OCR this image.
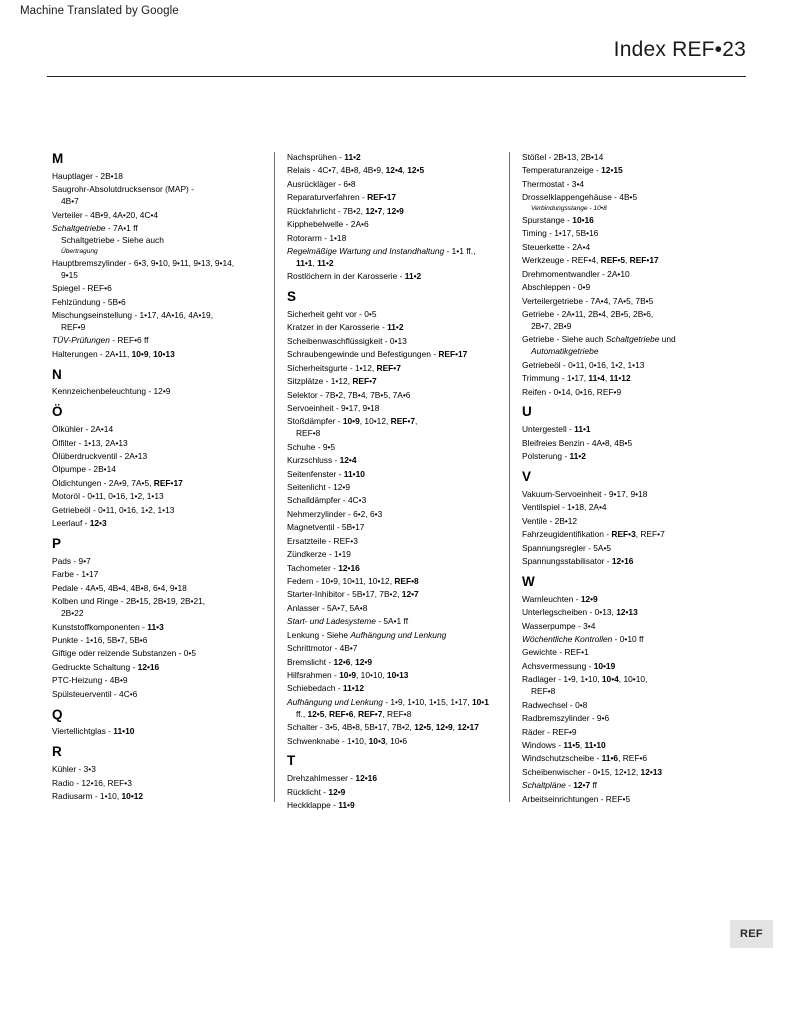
Machine Translated by Google
Index REF•23
M
Hauptlager - 2B•18
Saugrohr-Absolutdrucksensor (MAP) -
4B•7
Verteiler - 4B•9, 4A•20, 4C•4
Schaltgetriebe - 7A•1 ff
Schaltgetriebe - Siehe auch
Übertragung
Hauptbremszylinder - 6•3, 9•10, 9•11, 9•13, 9•14,
9•15
Spiegel - REF•6
Fehlzündung - 5B•6
Mischungseinstellung - 1•17, 4A•16, 4A•19,
REF•9
TÜV-Prüfungen - REF•6 ff
Halterungen - 2A•11, 10•9, 10•13
N
Kennzeichenbeleuchtung - 12•9
Ö
Ölkühler - 2A•14
Ölfilter - 1•13, 2A•13
Ölüberdruckventil - 2A•13
Ölpumpe - 2B•14
Öldichtungen - 2A•9, 7A•5, REF•17
Motoröl - 0•11, 0•16, 1•2, 1•13
Getriebeöl - 0•11, 0•16, 1•2, 1•13
Leerlauf - 12•3
P
Pads - 9•7
Farbe - 1•17
Pedale - 4A•5, 4B•4, 4B•8, 6•4, 9•18
Kolben und Ringe - 2B•15, 2B•19, 2B•21,
2B•22
Kunststoffkomponenten - 11•3
Punkte - 1•16, 5B•7, 5B•6
Giftige oder reizende Substanzen - 0•5
Gedruckte Schaltung - 12•16
PTC-Heizung - 4B•9
Spülsteuerventil - 4C•6
Q
Viertellichtglas - 11•10
R
Kühler - 3•3
Radio - 12•16, REF•3
Radiusarm - 1•10, 10•12
Nachsprühen - 11•2
Relais - 4C•7, 4B•8, 4B•9, 12•4, 12•5
Ausrückläger - 6•8
Reparaturverfahren - REF•17
Rückfahrlicht - 7B•2, 12•7, 12•9
Kipphebelwelle - 2A•6
Rotorarm - 1•18
Regelmäßige Wartung und Instandhaltung - 1•1 ff.,
11•1, 11•2
Rostlöchern in der Karosserie - 11•2
S
Sicherheit geht vor - 0•5
Kratzer in der Karosserie - 11•2
Scheibenwaschflüssigkeit - 0•13
Schraubengewinde und Befestigungen - REF•17
Sicherheitsgurte - 1•12, REF•7
Sitzplätze - 1•12, REF•7
Selektor - 7B•2, 7B•4, 7B•5, 7A•6
Servoeinheit - 9•17, 9•18
Stoßdämpfer - 10•9, 10•12, REF•7,
REF•8
Schuhe - 9•5
Kurzschluss - 12•4
Seitenfenster - 11•10
Seitenlicht - 12•9
Schalldämpfer - 4C•3
Nehmerzylinder - 6•2, 6•3
Magnetventil - 5B•17
Ersatzteile - REF•3
Zündkerze - 1•19
Tachometer - 12•16
Federn - 10•9, 10•11, 10•12, REF•8
Starter-Inhibitor - 5B•17, 7B•2, 12•7
Anlasser - 5A•7, 5A•8
Start- und Ladesysteme - 5A•1 ff
Lenkung - Siehe Aufhängung und Lenkung
Schrittmotor - 4B•7
Bremslicht - 12•6, 12•9
Hilfsrahmen - 10•9, 10•10, 10•13
Schiebedach - 11•12
Aufhängung und Lenkung - 1•9, 1•10, 1•15, 1•17, 10•1
ff., 12•5, REF•6, REF•7, REF•8
Schalter - 3•5, 4B•8, 5B•17, 7B•2, 12•5, 12•9, 12•17
Schwenknabe - 1•10, 10•3, 10•6
T
Drehzahlmesser - 12•16
Rücklicht - 12•9
Heckklappe - 11•9
Stößel - 2B•13, 2B•14
Temperaturanzeige - 12•15
Thermostat - 3•4
Drosselklappengehäuse - 4B•5
Verbindungsstange - 10•8
Spurstange - 10•16
Timing - 1•17, 5B•16
Steuerkette - 2A•4
Werkzeuge - REF•4, REF•5, REF•17
Drehmomentwandler - 2A•10
Abschleppen - 0•9
Verteilergetriebe - 7A•4, 7A•5, 7B•5
Getriebe - 2A•11, 2B•4, 2B•5, 2B•6,
2B•7, 2B•9
Getriebe - Siehe auch Schaltgetriebe und
Automatikgetriebe
Getriebeöl - 0•11, 0•16, 1•2, 1•13
Trimmung - 1•17, 11•4, 11•12
Reifen - 0•14, 0•16, REF•9
U
Untergestell - 11•1
Bleifreies Benzin - 4A•8, 4B•5
Polsterung - 11•2
V
Vakuum-Servoeinheit - 9•17, 9•18
Ventilspiel - 1•18, 2A•4
Ventile - 2B•12
Fahrzeugidentifikation - REF•3, REF•7
Spannungsregler - 5A•5
Spannungsstabilisator - 12•16
W
Warnleuchten - 12•9
Unterlegscheiben - 0•13, 12•13
Wasserpumpe - 3•4
Wöchentliche Kontrollen - 0•10 ff
Gewichte - REF•1
Achsvermessung - 10•19
Radlager - 1•9, 1•10, 10•4, 10•10,
REF•8
Radwechsel - 0•8
Radbremszylinder - 9•6
Räder - REF•9
Windows - 11•5, 11•10
Windschutzscheibe - 11•6, REF•6
Scheibenwischer - 0•15, 12•12, 12•13
Schaltpläne - 12•7 ff
Arbeitseinrichtungen - REF•5
REF
